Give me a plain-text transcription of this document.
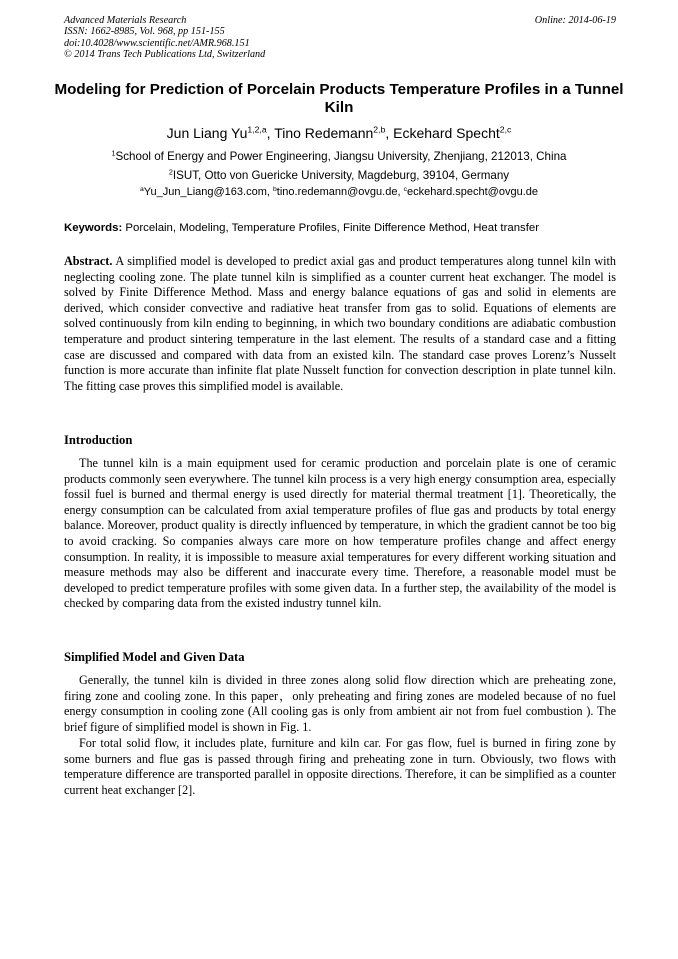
Advanced Materials Research
ISSN: 1662-8985, Vol. 968, pp 151-155
doi:10.4028/www.scientific.net/AMR.968.151
© 2014 Trans Tech Publications Ltd, Switzerland
Online: 2014-06-19
Modeling for Prediction of Porcelain Products Temperature Profiles in a Tunnel Kiln
Jun Liang Yu$^{1,2,a}$, Tino Redemann$^{2,b}$, Eckehard Specht$^{2,c}$
$^1$School of Energy and Power Engineering, Jiangsu University, Zhenjiang, 212013, China
$^2$ISUT, Otto von Guericke University, Magdeburg, 39104, Germany
$^a$Yu_Jun_Liang@163.com, $^b$tino.redemann@ovgu.de, $^c$eckehard.specht@ovgu.de
Keywords: Porcelain, Modeling, Temperature Profiles, Finite Difference Method, Heat transfer

Abstract. A simplified model is developed to predict axial gas and product temperatures along tunnel kiln with neglecting cooling zone. The plate tunnel kiln is simplified as a counter current heat exchanger. The model is solved by Finite Difference Method. Mass and energy balance equations of gas and solid in elements are derived, which consider convective and radiative heat transfer from gas to solid. Equations of elements are solved continuously from kiln ending to beginning, in which two boundary conditions are adiabatic combustion temperature and product sintering temperature in the last element. The results of a standard case and a fitting case are discussed and compared with data from an existed kiln. The standard case proves Lorenz’s Nusselt function is more accurate than infinite flat plate Nusselt function for convection description in plate tunnel kiln. The fitting case proves this simplified model is available.

Introduction

The tunnel kiln is a main equipment used for ceramic production and porcelain plate is one of ceramic products commonly seen everywhere. The tunnel kiln process is a very high energy consumption area, especially fossil fuel is burned and thermal energy is used directly for material thermal treatment [1]. Theoretically, the energy consumption can be calculated from axial temperature profiles of flue gas and products by total energy balance. Moreover, product quality is directly influenced by temperature, in which the gradient cannot be too big to avoid cracking. So companies always care more on how temperature profiles change and affect energy consumption. In reality, it is impossible to measure axial temperatures for every different working situation and measure methods may also be different and inaccurate every time. Therefore, a reasonable model must be developed to predict temperature profiles with some given data. In a further step, the availability of the model is checked by comparing data from the existed industry tunnel kiln.

Simplified Model and Given Data

Generally, the tunnel kiln is divided in three zones along solid flow direction which are preheating zone, firing zone and cooling zone. In this paper，only preheating and firing zones are modeled because of no fuel energy consumption in cooling zone (All cooling gas is only from ambient air not from fuel combustion ). The brief figure of simplified model is shown in Fig. 1.

For total solid flow, it includes plate, furniture and kiln car. For gas flow, fuel is burned in firing zone by some burners and flue gas is passed through firing and preheating zone in turn. Obviously, two flows with temperature difference are transported parallel in opposite directions. Therefore, it can be simplified as a counter current heat exchanger [2].
